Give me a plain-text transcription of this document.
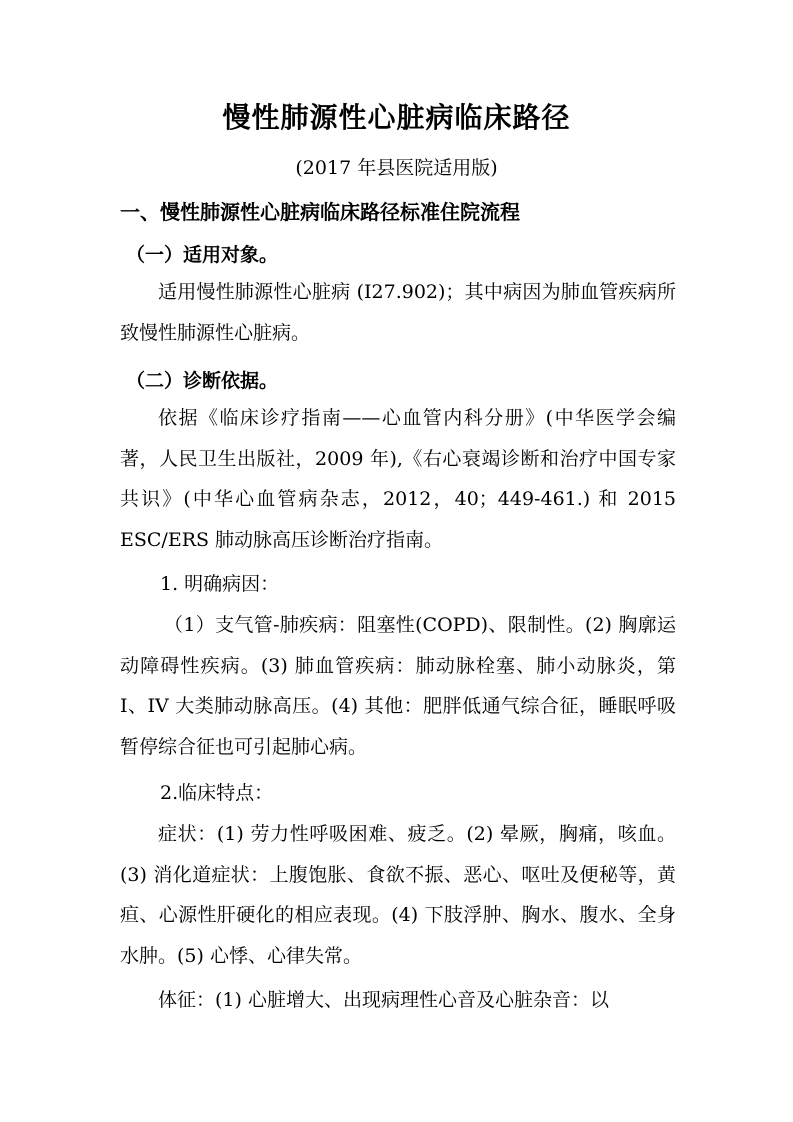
慢性肺源性心脏病临床路径
(2017 年县医院适用版)
一、慢性肺源性心脏病临床路径标准住院流程
（一）适用对象。
适用慢性肺源性心脏病 (I27.902)；其中病因为肺血管疾病所致慢性肺源性心脏病。
（二）诊断依据。
依据《临床诊疗指南——心血管内科分册》(中华医学会编著，人民卫生出版社，2009 年),《右心衰竭诊断和治疗中国专家共识》(中华心血管病杂志，2012，40；449-461.) 和 2015 ESC/ERS 肺动脉高压诊断治疗指南。
1. 明确病因：
（1）支气管-肺疾病：阻塞性(COPD)、限制性。(2) 胸廓运动障碍性疾病。(3) 肺血管疾病：肺动脉栓塞、肺小动脉炎，第 I、IV 大类肺动脉高压。(4) 其他：肥胖低通气综合征，睡眠呼吸暂停综合征也可引起肺心病。
2.临床特点：
症状：(1) 劳力性呼吸困难、疲乏。(2) 晕厥，胸痛，咳血。(3) 消化道症状：上腹饱胀、食欲不振、恶心、呕吐及便秘等，黄疸、心源性肝硬化的相应表现。(4) 下肢浮肿、胸水、腹水、全身水肿。(5) 心悸、心律失常。
体征：(1) 心脏增大、出现病理性心音及心脏杂音：以
